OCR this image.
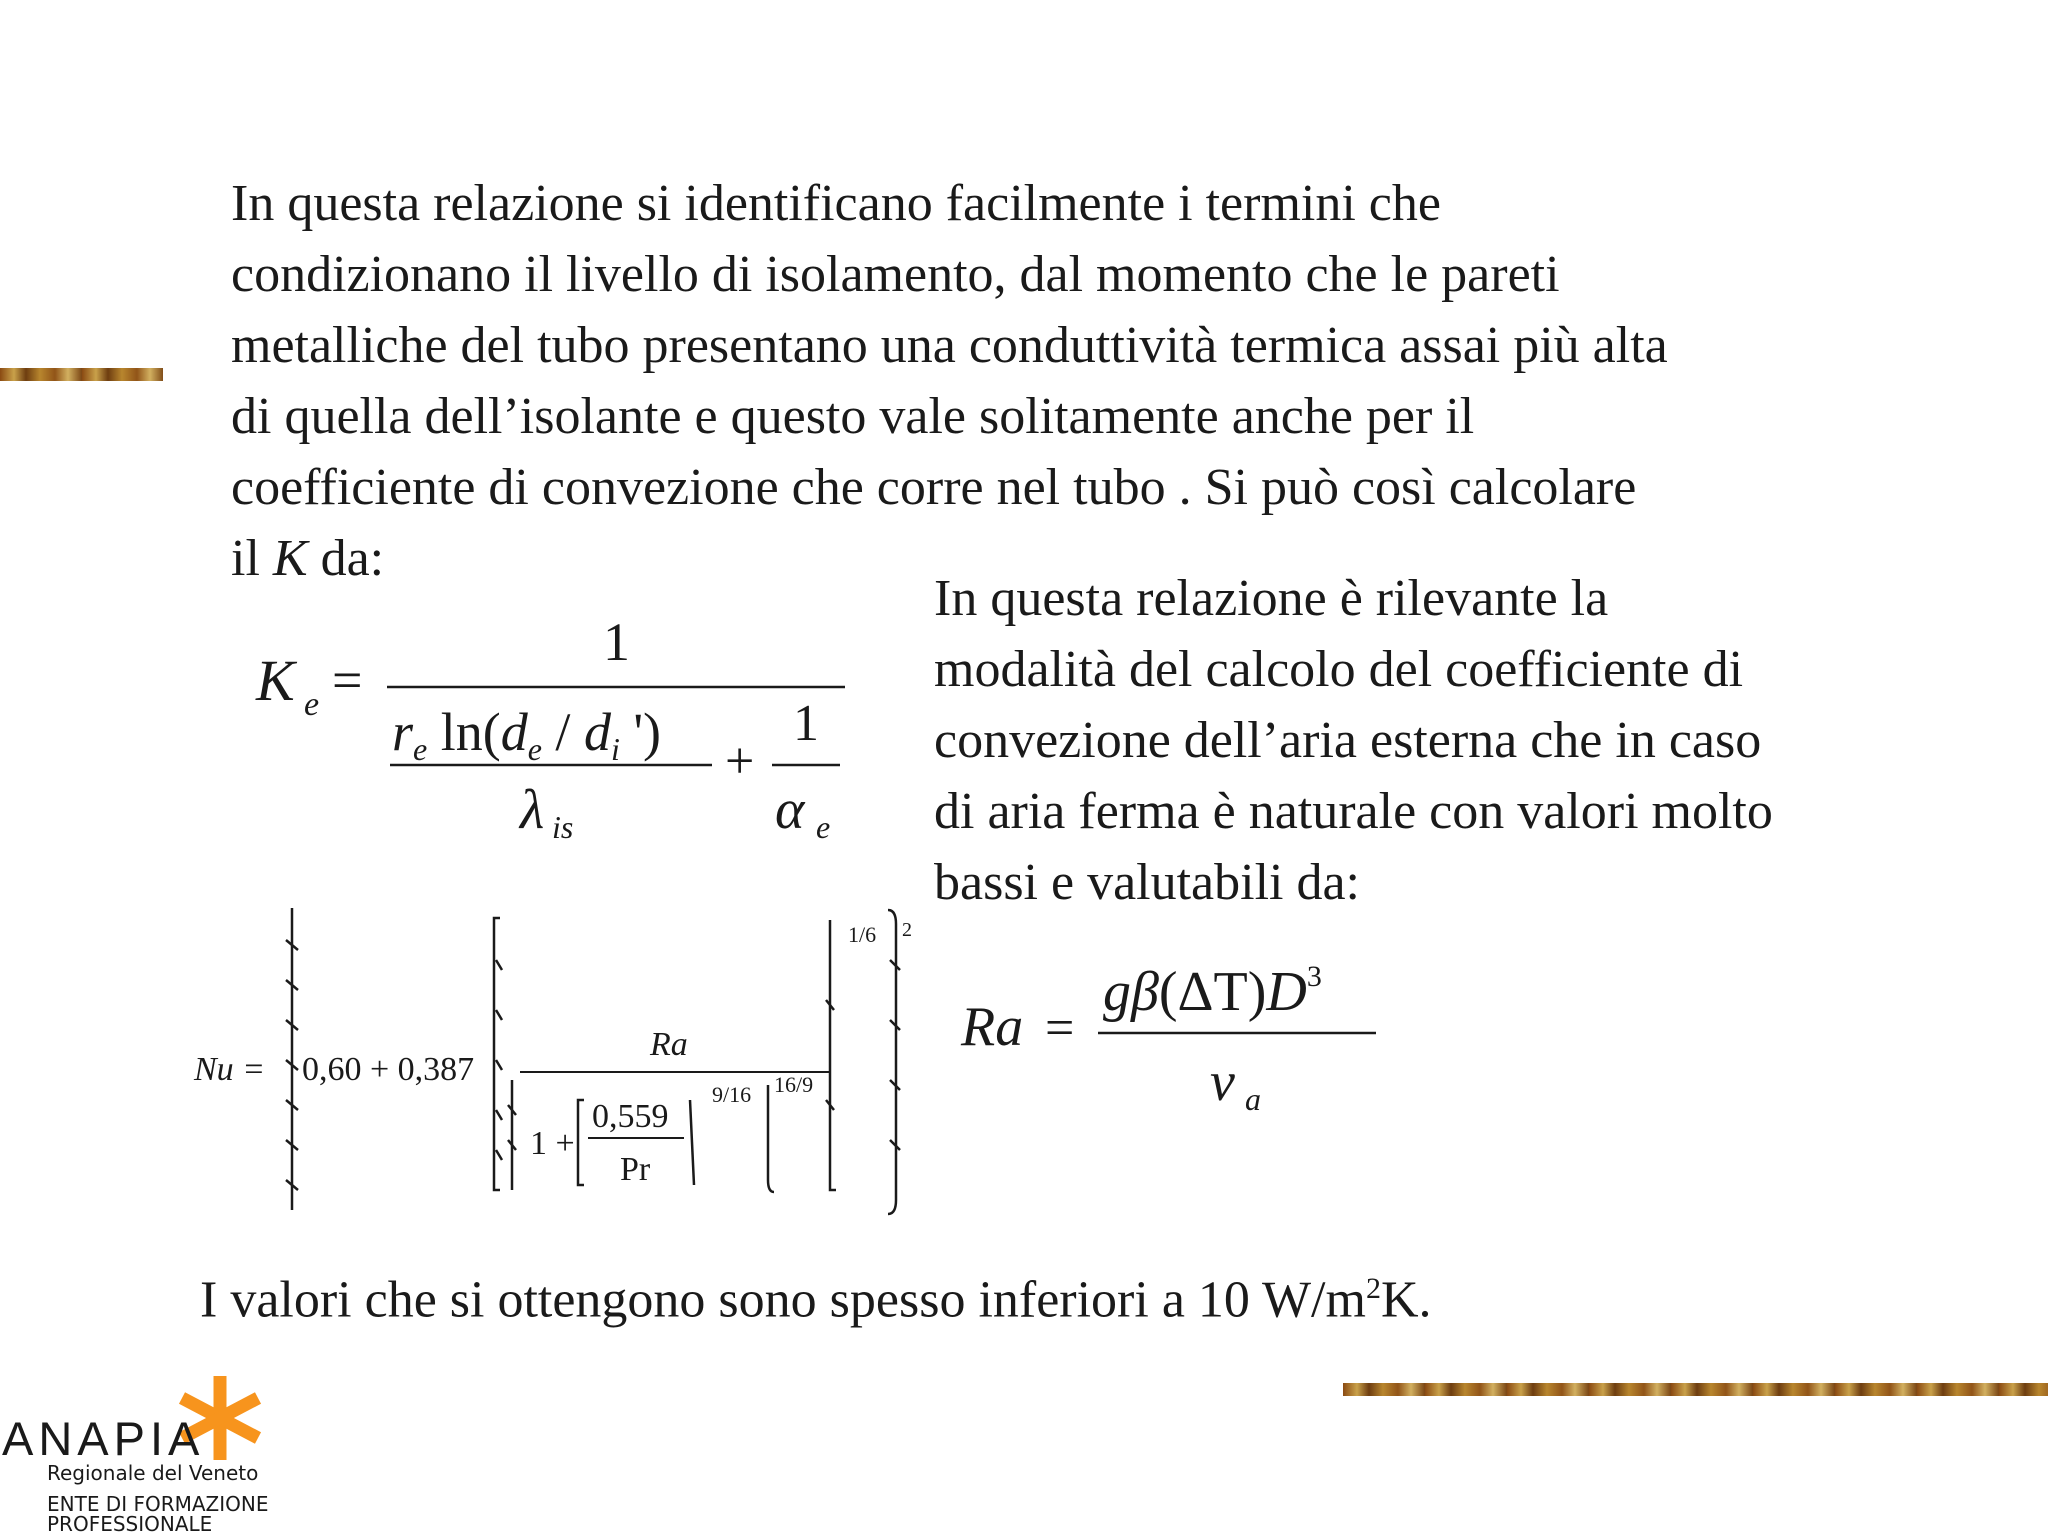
In questa relazione si identificano facilmente i termini che
condizionano il livello di isolamento, dal momento che le pareti
metalliche del tubo presentano una conduttività termica assai più alta
di quella dell’isolante e questo vale solitamente anche per il
coefficiente di convezione che corre nel tubo . Si può così calcolare
il K da:

In questa relazione è rilevante la
modalità del calcolo del coefficiente di
convezione dell’aria esterna che in caso
di aria ferma è naturale con valori molto
bassi e valutabili da:

K e =
1
re ln(de / di ')
λ is
+
1
α e
Nu = 0,60 + 0,387
Ra
1 +
0,559
Pr
9/16 16/9
1/6 2
Ra =
$g\beta(\Delta T)D^3$
ν a

I valori che si ottengono sono spesso inferiori a 10 $W/m^2K$.

ANAPIA
Regionale del Veneto
ENTE DI FORMAZIONE
PROFESSIONALE
